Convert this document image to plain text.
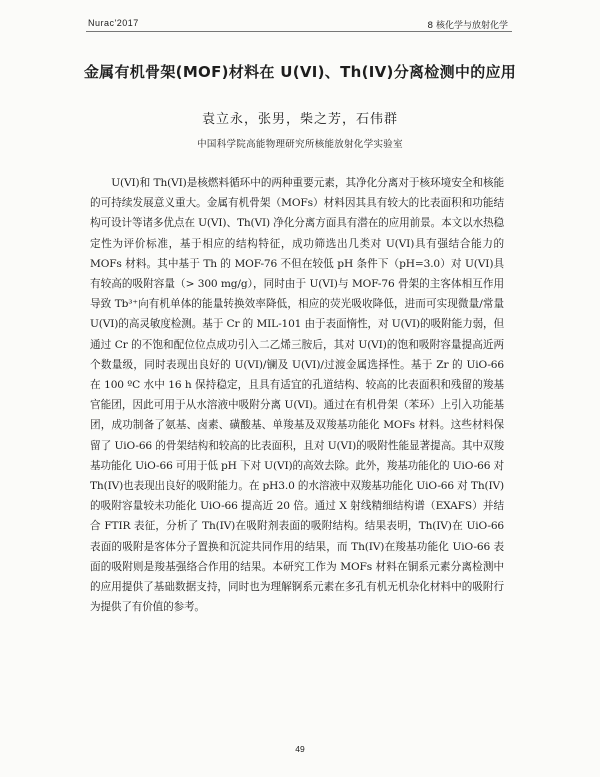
Nurac'2017	8 核化学与放射化学
金属有机骨架(MOF)材料在 U(VI)、Th(IV)分离检测中的应用
袁立永，张男，柴之芳，石伟群
中国科学院高能物理研究所核能放射化学实验室

U(VI)和 Th(VI)是核燃料循环中的两种重要元素，其净化分离对于核环境安全和核能的可持续发展意义重大。金属有机骨架（MOFs）材料因其具有较大的比表面积和功能结构可设计等诸多优点在 U(VI)、Th(VI) 净化分离方面具有潜在的应用前景。本文以水热稳定性为评价标准，基于相应的结构特征，成功筛选出几类对 U(VI)具有强结合能力的 MOFs 材料。其中基于 Th 的 MOF-76 不但在较低 pH 条件下（pH=3.0）对 U(VI)具有较高的吸附容量（> 300 mg/g），同时由于 U(VI)与 MOF-76 骨架的主客体相互作用导致 Tb³⁺向有机单体的能量转换效率降低，相应的荧光吸收降低，进而可实现微量/常量 U(VI)的高灵敏度检测。基于 Cr 的 MIL-101 由于表面惰性，对 U(VI)的吸附能力弱，但通过 Cr 的不饱和配位位点成功引入二乙烯三胺后，其对 U(VI)的饱和吸附容量提高近两个数量级，同时表现出良好的 U(VI)/镧及 U(VI)/过渡金属选择性。基于 Zr 的 UiO-66 在 100 ºC 水中 16 h 保持稳定，且具有适宜的孔道结构、较高的比表面积和残留的羧基官能团，因此可用于从水溶液中吸附分离 U(VI)。通过在有机骨架（苯环）上引入功能基团，成功制备了氨基、卤素、磺酸基、单羧基及双羧基功能化 MOFs 材料。这些材料保留了 UiO-66 的骨架结构和较高的比表面积，且对 U(VI)的吸附性能显著提高。其中双羧基功能化 UiO-66 可用于低 pH 下对 U(VI)的高效去除。此外，羧基功能化的 UiO-66 对 Th(IV)也表现出良好的吸附能力。在 pH3.0 的水溶液中双羧基功能化 UiO-66 对 Th(IV)的吸附容量较未功能化 UiO-66 提高近 20 倍。通过 X 射线精细结构谱（EXAFS）并结合 FTIR 表征，分析了 Th(IV)在吸附剂表面的吸附结构。结果表明，Th(IV)在 UiO-66 表面的吸附是客体分子置换和沉淀共同作用的结果，而 Th(IV)在羧基功能化 UiO-66 表面的吸附则是羧基强络合作用的结果。本研究工作为 MOFs 材料在铜系元素分离检测中的应用提供了基础数据支持，同时也为理解锕系元素在多孔有机无机杂化材料中的吸附行为提供了有价值的参考。

49
